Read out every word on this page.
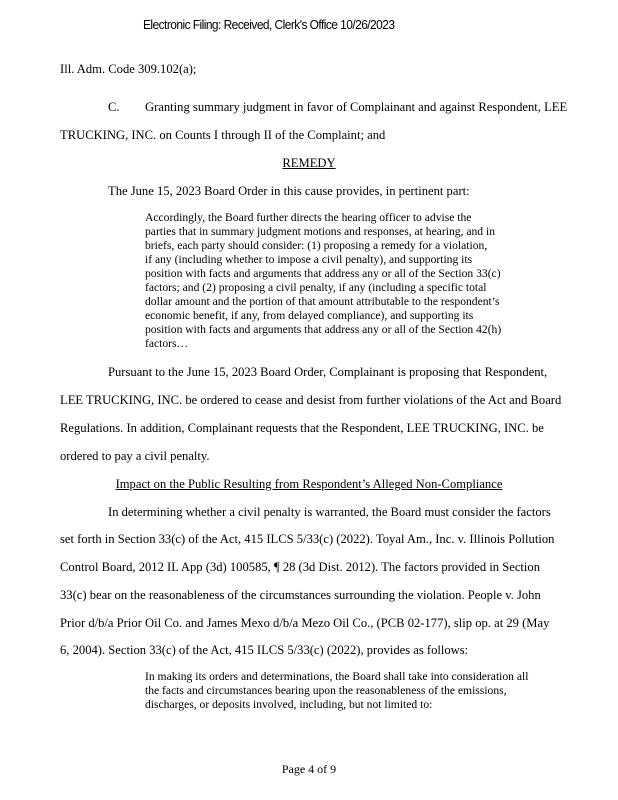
Electronic Filing: Received, Clerk's Office 10/26/2023
Ill. Adm. Code 309.102(a);
C. Granting summary judgment in favor of Complainant and against Respondent, LEE
TRUCKING, INC. on Counts I through II of the Complaint; and
REMEDY
The June 15, 2023 Board Order in this cause provides, in pertinent part:
Accordingly, the Board further directs the hearing officer to advise the
parties that in summary judgment motions and responses, at hearing, and in
briefs, each party should consider: (1) proposing a remedy for a violation,
if any (including whether to impose a civil penalty), and supporting its
position with facts and arguments that address any or all of the Section 33(c)
factors; and (2) proposing a civil penalty, if any (including a specific total
dollar amount and the portion of that amount attributable to the respondent’s
economic benefit, if any, from delayed compliance), and supporting its
position with facts and arguments that address any or all of the Section 42(h)
factors…
Pursuant to the June 15, 2023 Board Order, Complainant is proposing that Respondent,
LEE TRUCKING, INC. be ordered to cease and desist from further violations of the Act and Board
Regulations. In addition, Complainant requests that the Respondent, LEE TRUCKING, INC. be
ordered to pay a civil penalty.
Impact on the Public Resulting from Respondent’s Alleged Non-Compliance
In determining whether a civil penalty is warranted, the Board must consider the factors
set forth in Section 33(c) of the Act, 415 ILCS 5/33(c) (2022). Toyal Am., Inc. v. Illinois Pollution
Control Board, 2012 IL App (3d) 100585, ¶ 28 (3d Dist. 2012). The factors provided in Section
33(c) bear on the reasonableness of the circumstances surrounding the violation. People v. John
Prior d/b/a Prior Oil Co. and James Mexo d/b/a Mezo Oil Co., (PCB 02-177), slip op. at 29 (May
6, 2004). Section 33(c) of the Act, 415 ILCS 5/33(c) (2022), provides as follows:
In making its orders and determinations, the Board shall take into consideration all
the facts and circumstances bearing upon the reasonableness of the emissions,
discharges, or deposits involved, including, but not limited to:
Page 4 of 9
